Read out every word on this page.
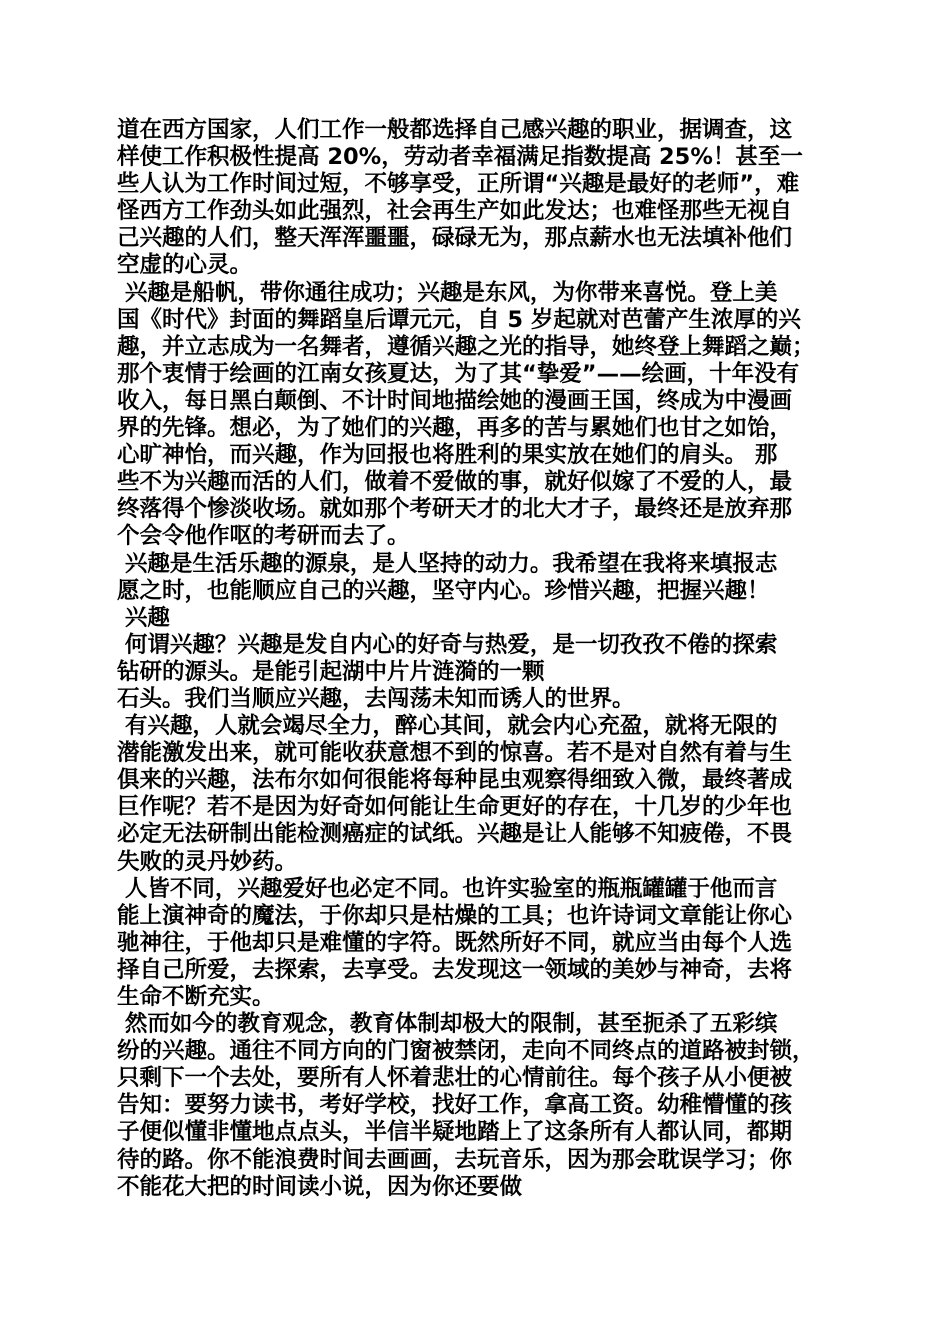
道在西方国家，人们工作一般都选择自己感兴趣的职业，据调查，这
样使工作积极性提高 20%，劳动者幸福满足指数提高 25%！甚至一
些人认为工作时间过短，不够享受，正所谓“兴趣是最好的老师”，难
怪西方工作劲头如此强烈，社会再生产如此发达；也难怪那些无视自
己兴趣的人们，整天浑浑噩噩，碌碌无为，那点薪水也无法填补他们
空虚的心灵。
兴趣是船帆，带你通往成功；兴趣是东风，为你带来喜悦。登上美
国《时代》封面的舞蹈皇后谭元元，自 5 岁起就对芭蕾产生浓厚的兴
趣，并立志成为一名舞者，遵循兴趣之光的指导，她终登上舞蹈之巅；
那个衷情于绘画的江南女孩夏达，为了其“挚爱”——绘画，十年没有
收入，每日黑白颠倒、不计时间地描绘她的漫画王国，终成为中漫画
界的先锋。想必，为了她们的兴趣，再多的苦与累她们也甘之如饴，
心旷神怡，而兴趣，作为回报也将胜利的果实放在她们的肩头。 那
些不为兴趣而活的人们，做着不爱做的事，就好似嫁了不爱的人，最
终落得个惨淡收场。就如那个考研天才的北大才子，最终还是放弃那
个会令他作呕的考研而去了。
兴趣是生活乐趣的源泉，是人坚持的动力。我希望在我将来填报志
愿之时，也能顺应自己的兴趣，坚守内心。珍惜兴趣，把握兴趣！
兴趣
何谓兴趣？兴趣是发自内心的好奇与热爱，是一切孜孜不倦的探索
钻研的源头。是能引起湖中片片涟漪的一颗
石头。我们当顺应兴趣，去闯荡未知而诱人的世界。
有兴趣，人就会竭尽全力，醉心其间，就会内心充盈，就将无限的
潜能激发出来，就可能收获意想不到的惊喜。若不是对自然有着与生
俱来的兴趣，法布尔如何很能将每种昆虫观察得细致入微，最终著成
巨作呢？若不是因为好奇如何能让生命更好的存在，十几岁的少年也
必定无法研制出能检测癌症的试纸。兴趣是让人能够不知疲倦，不畏
失败的灵丹妙药。
人皆不同，兴趣爱好也必定不同。也许实验室的瓶瓶罐罐于他而言
能上演神奇的魔法，于你却只是枯燥的工具；也许诗词文章能让你心
驰神往，于他却只是难懂的字符。既然所好不同，就应当由每个人选
择自己所爱，去探索，去享受。去发现这一领域的美妙与神奇，去将
生命不断充实。
然而如今的教育观念，教育体制却极大的限制，甚至扼杀了五彩缤
纷的兴趣。通往不同方向的门窗被禁闭，走向不同终点的道路被封锁，
只剩下一个去处，要所有人怀着悲壮的心情前往。每个孩子从小便被
告知：要努力读书，考好学校，找好工作，拿高工资。幼稚懵懂的孩
子便似懂非懂地点点头，半信半疑地踏上了这条所有人都认同，都期
待的路。你不能浪费时间去画画，去玩音乐，因为那会耽误学习；你
不能花大把的时间读小说，因为你还要做
